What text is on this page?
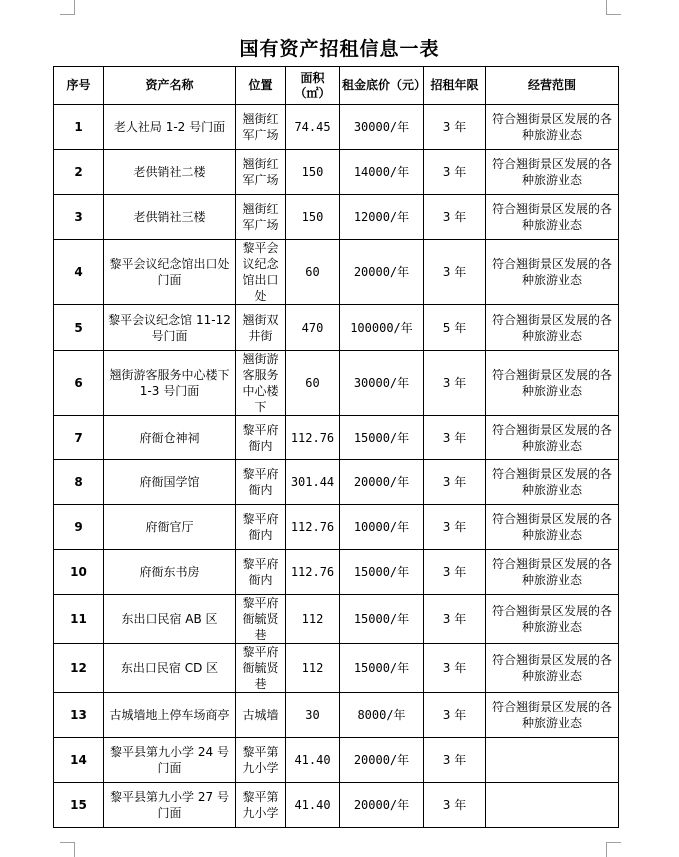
国有资产招租信息一表
序号	资产名称	位置	面积（㎡）	租金底价（元）	招租年限	经营范围
1	老人社局 1-2 号门面	翘街红军广场	74.45	30000/年	3 年	符合翘街景区发展的各种旅游业态
2	老供销社二楼	翘街红军广场	150	14000/年	3 年	符合翘街景区发展的各种旅游业态
3	老供销社三楼	翘街红军广场	150	12000/年	3 年	符合翘街景区发展的各种旅游业态
4	黎平会议纪念馆出口处门面	黎平会议纪念馆出口处	60	20000/年	3 年	符合翘街景区发展的各种旅游业态
5	黎平会议纪念馆 11-12 号门面	翘街双井街	470	100000/年	5 年	符合翘街景区发展的各种旅游业态
6	翘街游客服务中心楼下 1-3 号门面	翘街游客服务中心楼下	60	30000/年	3 年	符合翘街景区发展的各种旅游业态
7	府衙仓神祠	黎平府衙内	112.76	15000/年	3 年	符合翘街景区发展的各种旅游业态
8	府衙国学馆	黎平府衙内	301.44	20000/年	3 年	符合翘街景区发展的各种旅游业态
9	府衙官厅	黎平府衙内	112.76	10000/年	3 年	符合翘街景区发展的各种旅游业态
10	府衙东书房	黎平府衙内	112.76	15000/年	3 年	符合翘街景区发展的各种旅游业态
11	东出口民宿 AB 区	黎平府衙毓贤巷	112	15000/年	3 年	符合翘街景区发展的各种旅游业态
12	东出口民宿 CD 区	黎平府衙毓贤巷	112	15000/年	3 年	符合翘街景区发展的各种旅游业态
13	古城墙地上停车场商亭	古城墙	30	8000/年	3 年	符合翘街景区发展的各种旅游业态
14	黎平县第九小学 24 号门面	黎平第九小学	41.40	20000/年	3 年	
15	黎平县第九小学 27 号门面	黎平第九小学	41.40	20000/年	3 年	
